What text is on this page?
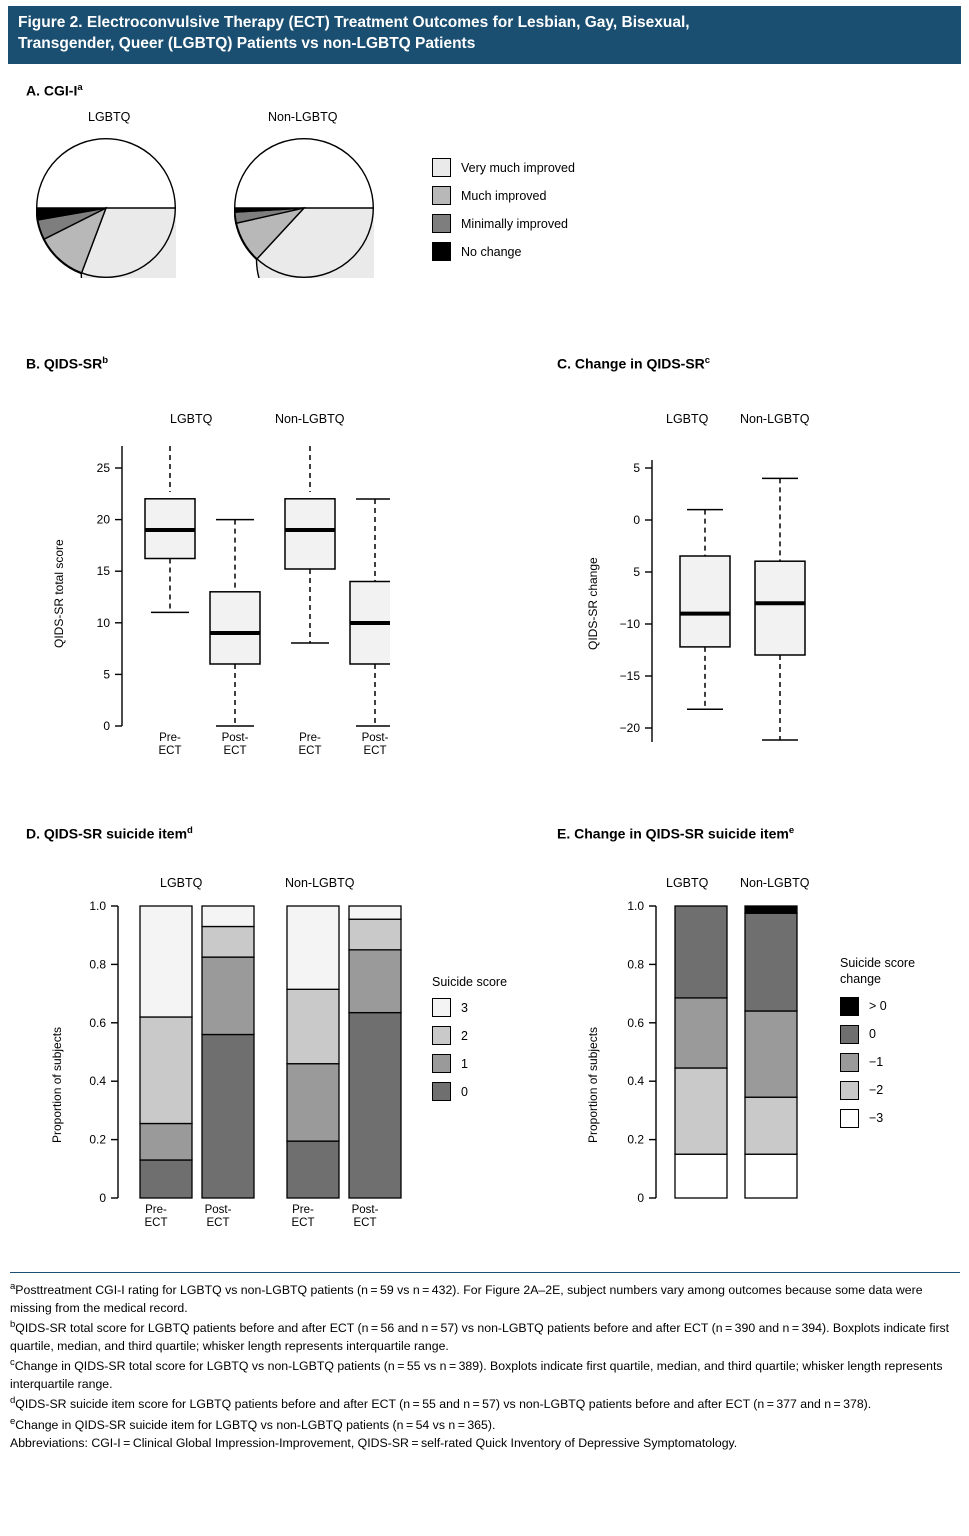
Figure 2. Electroconvulsive Therapy (ECT) Treatment Outcomes for Lesbian, Gay, Bisexual,
Transgender, Queer (LGBTQ) Patients vs non-LGBTQ Patients
A. CGI-$I^a$
LGBTQ	Non-LGBTQ
Very much improved
Much improved
Minimally improved
No change
B. QIDS-$SR^b$
LGBTQ	Non-LGBTQ
QIDS-SR total score
0
5
10
15
20
25
Pre-
ECT
Post-
ECT
Pre-
ECT
Post-
ECT
C. Change in QIDS-$SR^c$
LGBTQ	Non-LGBTQ
QIDS-SR change
5
0
5
−10
−15
−20
D. QIDS-SR suicide item$^d$
LGBTQ	Non-LGBTQ
Proportion of subjects
0
0.2
0.4
0.6
0.8
1.0
Pre-
ECT
Post-
ECT
Pre-
ECT
Post-
ECT
Suicide score
3
2
1
0
E. Change in QIDS-SR suicide item$^e$
LGBTQ	Non-LGBTQ
Proportion of subjects
0
0.2
0.4
0.6
0.8
1.0
Suicide score
change
> 0
0
−1
−2
−3
$^a$Posttreatment CGI-I rating for LGBTQ vs non-LGBTQ patients (n = 59 vs n = 432). For Figure 2A–2E, subject numbers vary among outcomes because some data were missing from the medical record.
$^b$QIDS-SR total score for LGBTQ patients before and after ECT (n = 56 and n = 57) vs non-LGBTQ patients before and after ECT (n = 390 and n = 394). Boxplots indicate first quartile, median, and third quartile; whisker length represents interquartile range.
$^c$Change in QIDS-SR total score for LGBTQ vs non-LGBTQ patients (n = 55 vs n = 389). Boxplots indicate first quartile, median, and third quartile; whisker length represents interquartile range.
$^d$QIDS-SR suicide item score for LGBTQ patients before and after ECT (n = 55 and n = 57) vs non-LGBTQ patients before and after ECT (n = 377 and n = 378).
$^e$Change in QIDS-SR suicide item for LGBTQ vs non-LGBTQ patients (n = 54 vs n = 365).
Abbreviations: CGI-I = Clinical Global Impression-Improvement, QIDS-SR = self-rated Quick Inventory of Depressive Symptomatology.
